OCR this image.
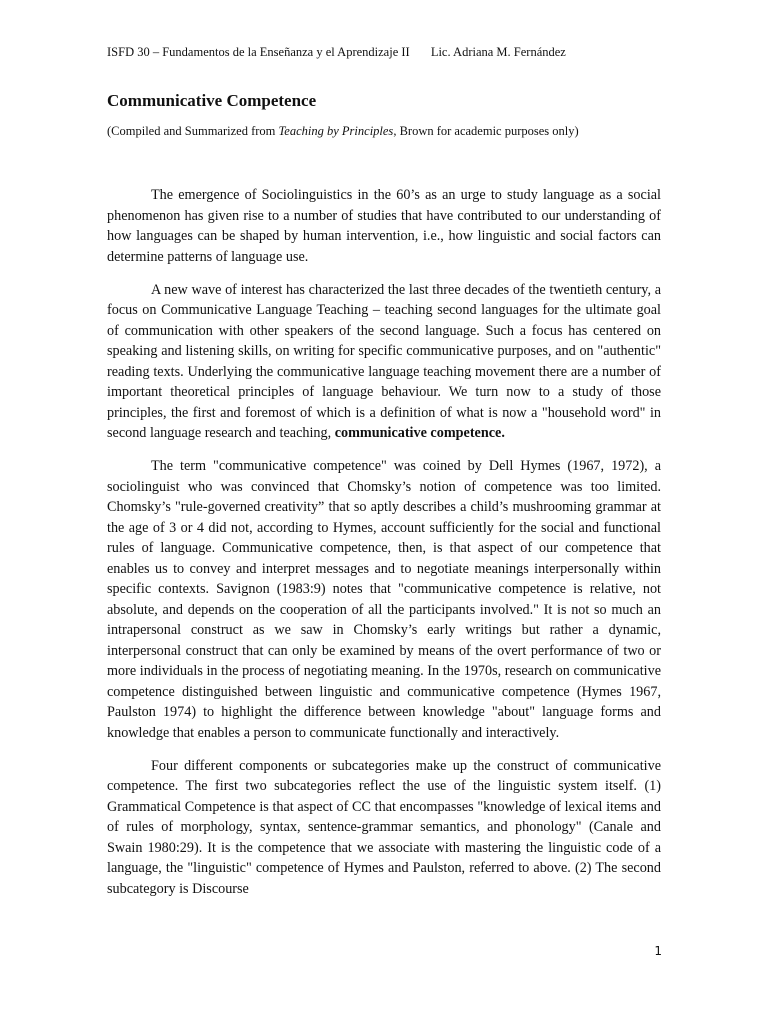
ISFD 30 – Fundamentos de la Enseñanza y el Aprendizaje II Lic. Adriana M. Fernández
Communicative Competence
(Compiled and Summarized from Teaching by Principles, Brown for academic purposes only)

The emergence of Sociolinguistics in the 60’s as an urge to study language as a social phenomenon has given rise to a number of studies that have contributed to our understanding of how languages can be shaped by human intervention, i.e., how linguistic and social factors can determine patterns of language use.

A new wave of interest has characterized the last three decades of the twentieth century, a focus on Communicative Language Teaching – teaching second languages for the ultimate goal of communication with other speakers of the second language. Such a focus has centered on speaking and listening skills, on writing for specific communicative purposes, and on "authentic" reading texts. Underlying the communicative language teaching movement there are a number of important theoretical principles of language behaviour. We turn now to a study of those principles, the first and foremost of which is a definition of what is now a "household word" in second language research and teaching, communicative competence.

The term "communicative competence" was coined by Dell Hymes (1967, 1972), a sociolinguist who was convinced that Chomsky’s notion of competence was too limited. Chomsky’s "rule-governed creativity” that so aptly describes a child’s mushrooming grammar at the age of 3 or 4 did not, according to Hymes, account sufficiently for the social and functional rules of language. Communicative competence, then, is that aspect of our competence that enables us to convey and interpret messages and to negotiate meanings interpersonally within specific contexts. Savignon (1983:9) notes that "communicative competence is relative, not absolute, and depends on the cooperation of all the participants involved." It is not so much an intrapersonal construct as we saw in Chomsky’s early writings but rather a dynamic, interpersonal construct that can only be examined by means of the overt performance of two or more individuals in the process of negotiating meaning. In the 1970s, research on communicative competence distinguished between linguistic and communicative competence (Hymes 1967, Paulston 1974) to highlight the difference between knowledge "about" language forms and knowledge that enables a person to communicate functionally and interactively.

Four different components or subcategories make up the construct of communicative competence. The first two subcategories reflect the use of the linguistic system itself. (1) Grammatical Competence is that aspect of CC that encompasses "knowledge of lexical items and of rules of morphology, syntax, sentence-grammar semantics, and phonology" (Canale and Swain 1980:29). It is the competence that we associate with mastering the linguistic code of a language, the "linguistic" competence of Hymes and Paulston, referred to above. (2) The second subcategory is Discourse

1
